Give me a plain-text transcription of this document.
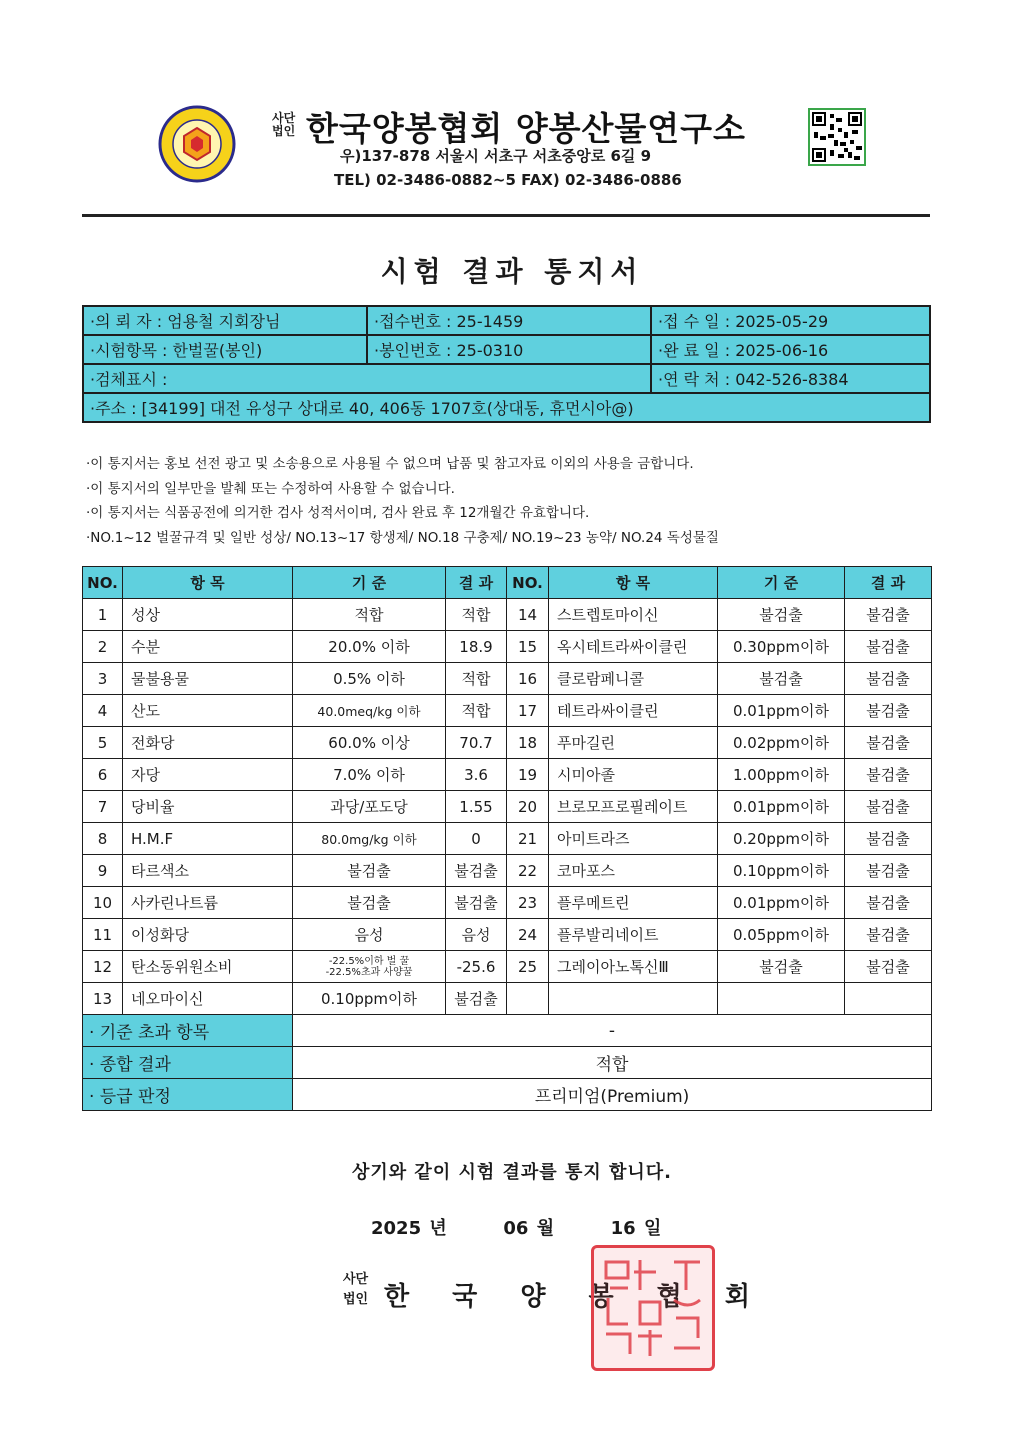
사단
법인 한국양봉협회 양봉산물연구소
우)137-878 서울시 서초구 서초중앙로 6길 9
TEL) 02-3486-0882~5 FAX) 02-3486-0886
시험 결과 통지서
·의 뢰 자 : 엄용철 지회장님	·접수번호 : 25-1459	·접 수 일 : 2025-05-29
·시험항목 : 한벌꿀(봉인)	·봉인번호 : 25-0310	·완 료 일 : 2025-06-16
·검체표시 :		·연 락 처 : 042-526-8384
·주소 : [34199] 대전 유성구 상대로 40, 406동 1707호(상대동, 휴먼시아@)		
·이 통지서는 홍보 선전 광고 및 소송용으로 사용될 수 없으며 납품 및 참고자료 이외의 사용을 금합니다.
·이 통지서의 일부만을 발췌 또는 수정하여 사용할 수 없습니다.
·이 통지서는 식품공전에 의거한 검사 성적서이며, 검사 완료 후 12개월간 유효합니다.
·NO.1~12 벌꿀규격 및 일반 성상/ NO.13~17 항생제/ NO.18 구충제/ NO.19~23 농약/ NO.24 독성물질
NO.	항 목	기 준	결 과	NO.	항 목	기 준	결 과
1	성상	적합	적합	14	스트렙토마이신	불검출	불검출
2	수분	20.0% 이하	18.9	15	옥시테트라싸이클린	0.30ppm이하	불검출
3	물불용물	0.5% 이하	적합	16	클로람페니콜	불검출	불검출
4	산도	40.0meq/kg 이하	적합	17	테트라싸이클린	0.01ppm이하	불검출
5	전화당	60.0% 이상	70.7	18	푸마길린	0.02ppm이하	불검출
6	자당	7.0% 이하	3.6	19	시미아졸	1.00ppm이하	불검출
7	당비율	과당/포도당	1.55	20	브로모프로필레이트	0.01ppm이하	불검출
8	H.M.F	80.0mg/kg 이하	0	21	아미트라즈	0.20ppm이하	불검출
9	타르색소	불검출	불검출	22	코마포스	0.10ppm이하	불검출
10	사카린나트륨	불검출	불검출	23	플루메트린	0.01ppm이하	불검출
11	이성화당	음성	음성	24	플루발리네이트	0.05ppm이하	불검출
12	탄소동위원소비	-22.5%이하 벌 꿀
-22.5%초과 사양꿀	-25.6	25	그레이아노톡신Ⅲ	불검출	불검출
13	네오마이신	0.10ppm이하	불검출				
· 기준 초과 항목		-					
· 종합 결과		적합					
· 등급 판정		프리미엄(Premium)					
상기와 같이 시험 결과를 통지 합니다.
2025 년	06 월	16 일
사단
법인 한 국 양 봉 협 회
